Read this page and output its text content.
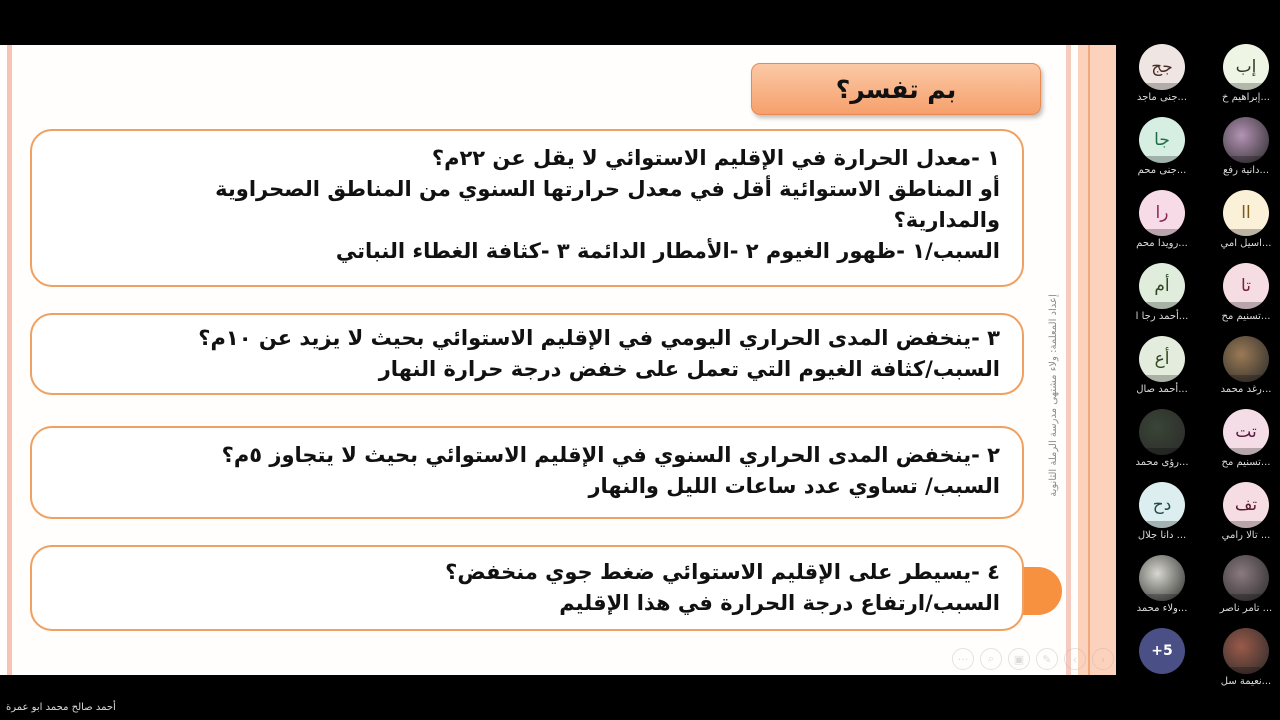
بم تفسر؟

١ -معدل الحرارة في الإقليم الاستوائي لا يقل عن ٢٢م؟

أو المناطق الاستوائية أقل في معدل حرارتها السنوي من المناطق الصحراوية

والمدارية؟

السبب/١ -ظهور الغيوم ٢ -الأمطار الدائمة ٣ -كثافة الغطاء النباتي

٣ -ينخفض المدى الحراري اليومي في الإقليم الاستوائي بحيث لا يزيد عن ١٠م؟

السبب/كثافة الغيوم التي تعمل على خفض درجة حرارة النهار

٢ -ينخفض المدى الحراري السنوي في الإقليم الاستوائي بحيث لا يتجاوز ٥م؟

السبب/ تساوي عدد ساعات الليل والنهار

٤ -يسيطر على الإقليم الاستوائي ضغط جوي منخفض؟

السبب/ارتفاع درجة الحرارة في هذا الإقليم

إعداد المعلمة: ولاء مشتهى مدرسة الرملة الثانوية
···	⌕	▣	✎	‹	›
إب
...إبراهيم خ
جج
...جنى ماجد
...دانية رفع
جا
...جنى محم
اا
...اسيل امي
را
...رويدا محم
تا
...تسنيم مح
أم
...أحمد رجا ا
...رغد محمد
أع
...أحمد صال
تت
...تسنيم مح
...رؤى محمد
تف
... تالا رامي
دح
... دانا جلال
... تامر ناصر
...ولاء محمد
...نعيمة سل
+5
أحمد صالح محمد ابو عمرة
